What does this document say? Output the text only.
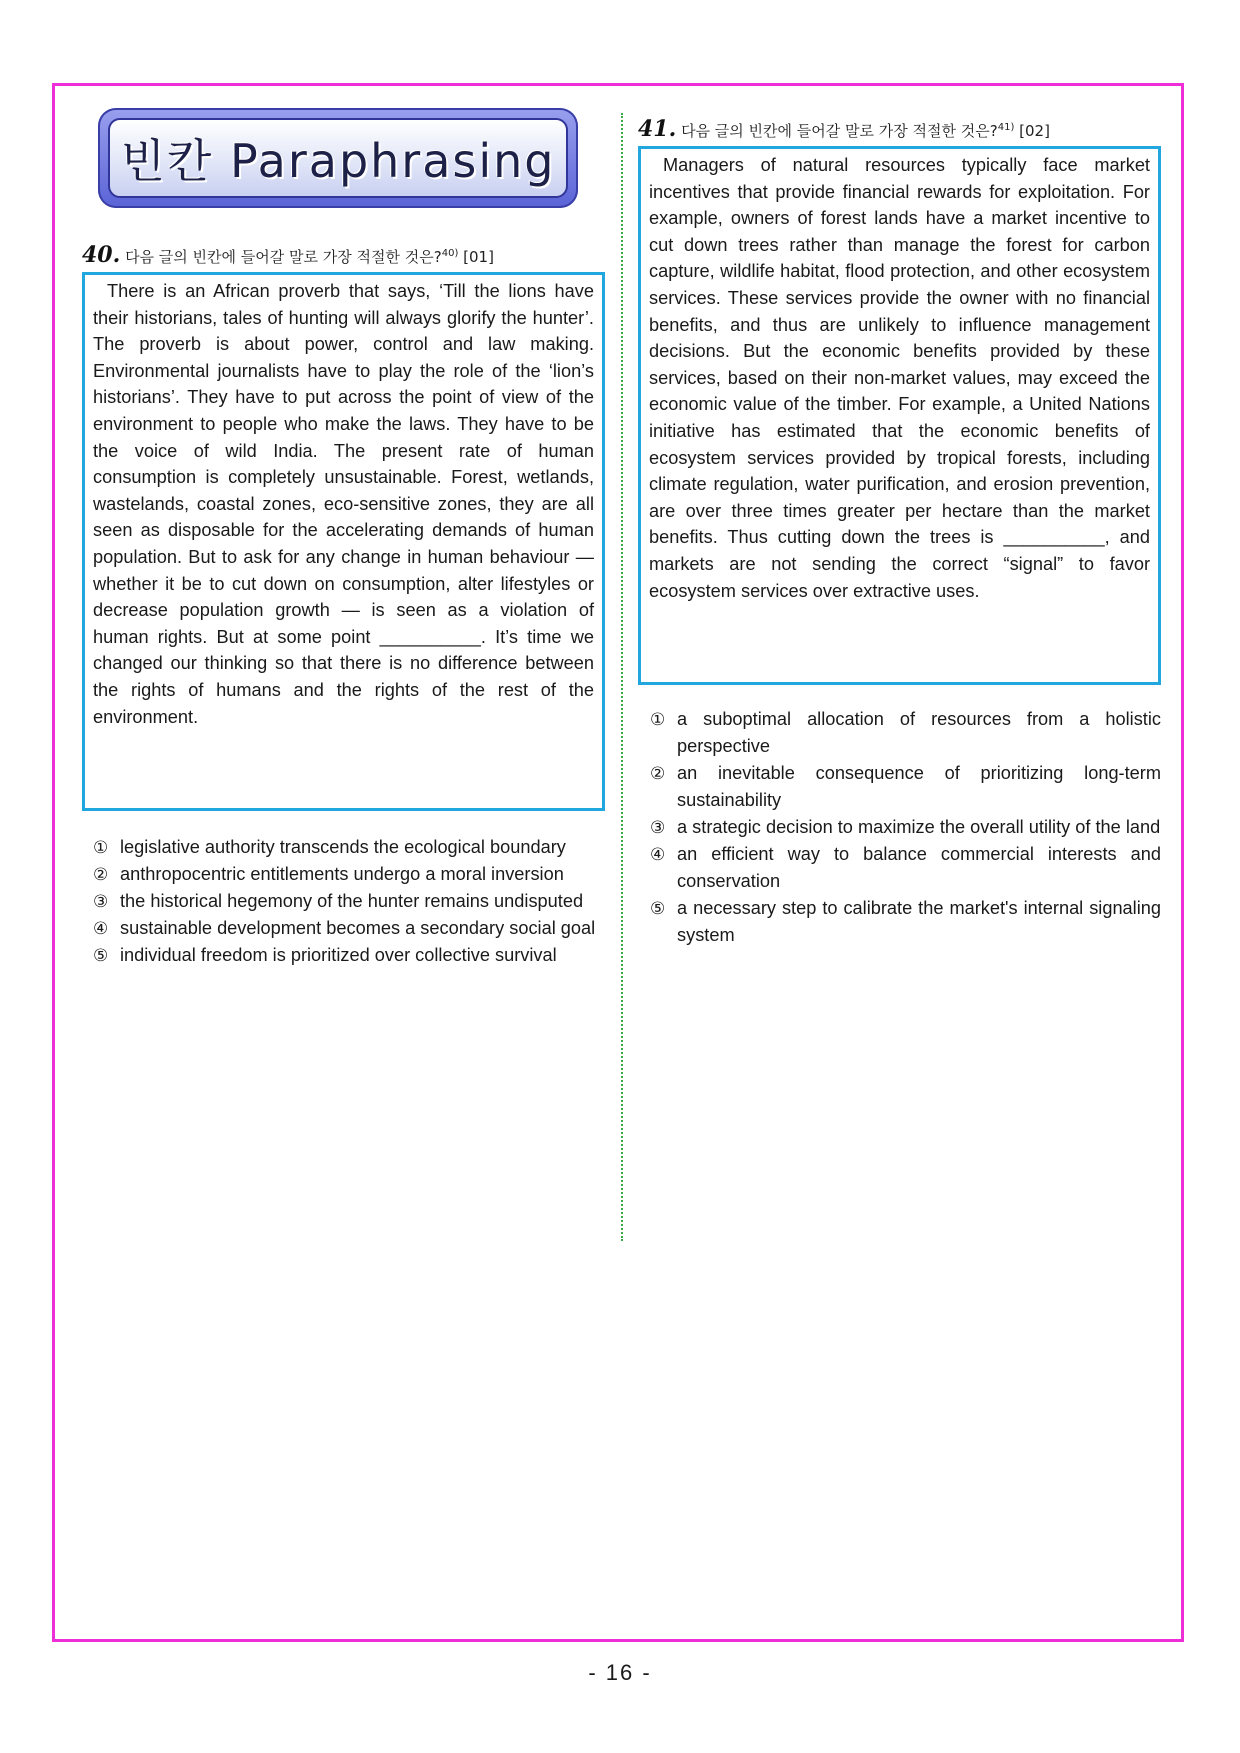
빈칸 Paraphrasing
40. 다음 글의 빈칸에 들어갈 말로 가장 적절한 것은?$^{40)}$ [01]
There is an African proverb that says, ‘Till the lions have their historians, tales of hunting will always glorify the hunter’. The proverb is about power, control and law making. Environmental journalists have to play the role of the ‘lion’s historians’. They have to put across the point of view of the environment to people who make the laws. They have to be the voice of wild India. The present rate of human consumption is completely unsustainable. Forest, wetlands, wastelands, coastal zones, eco-sensitive zones, they are all seen as disposable for the accelerating demands of human population. But to ask for any change in human behaviour — whether it be to cut down on consumption, alter lifestyles or decrease population growth — is seen as a violation of human rights. But at some point __________. It’s time we changed our thinking so that there is no difference between the rights of humans and the rights of the rest of the environment.
① legislative authority transcends the ecological boundary
② anthropocentric entitlements undergo a moral inversion
③ the historical hegemony of the hunter remains undisputed
④ sustainable development becomes a secondary social goal
⑤ individual freedom is prioritized over collective survival
41. 다음 글의 빈칸에 들어갈 말로 가장 적절한 것은?$^{41)}$ [02]
Managers of natural resources typically face market incentives that provide financial rewards for exploitation. For example, owners of forest lands have a market incentive to cut down trees rather than manage the forest for carbon capture, wildlife habitat, flood protection, and other ecosystem services. These services provide the owner with no financial benefits, and thus are unlikely to influence management decisions. But the economic benefits provided by these services, based on their non-market values, may exceed the economic value of the timber. For example, a United Nations initiative has estimated that the economic benefits of ecosystem services provided by tropical forests, including climate regulation, water purification, and erosion prevention, are over three times greater per hectare than the market benefits. Thus cutting down the trees is __________, and markets are not sending the correct “signal” to favor ecosystem services over extractive uses.
① a suboptimal allocation of resources from a holistic perspective
② an inevitable consequence of prioritizing long-term sustainability
③ a strategic decision to maximize the overall utility of the land
④ an efficient way to balance commercial interests and conservation
⑤ a necessary step to calibrate the market's internal signaling system
- 16 -
